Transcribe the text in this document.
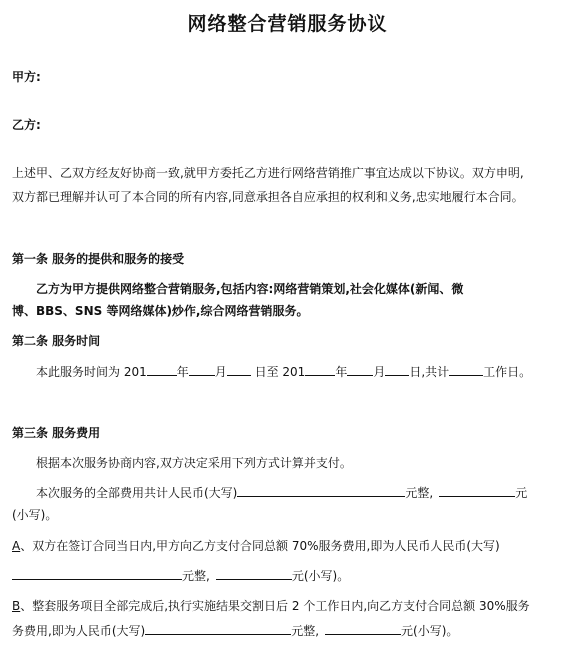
网络整合营销服务协议
甲方:
乙方:
上述甲、乙双方经友好协商一致,就甲方委托乙方进行网络营销推广事宜达成以下协议。双方申明,
双方都已理解并认可了本合同的所有内容,同意承担各自应承担的权利和义务,忠实地履行本合同。
第一条 服务的提供和服务的接受
乙方为甲方提供网络整合营销服务,包括内容:网络营销策划,社会化媒体(新闻、微
博、BBS、SNS 等网络媒体)炒作,综合网络营销服务。
第二条 服务时间
本此服务时间为 201	年 月 日至 201	年 月 日,共计	工作日。
第三条 服务费用
根据本次服务协商内容,双方决定采用下列方式计算并支付。
本次服务的全部费用共计人民币(大写)	元整,	元
(小写)。
A、双方在签订合同当日内,甲方向乙方支付合同总额 70%服务费用,即为人民币人民币(大写)
元整,	元(小写)。
B、整套服务项目全部完成后,执行实施结果交割日后 2 个工作日内,向乙方支付合同总额 30%服务
务费用,即为人民币(大写)	元整,	元(小写)。
